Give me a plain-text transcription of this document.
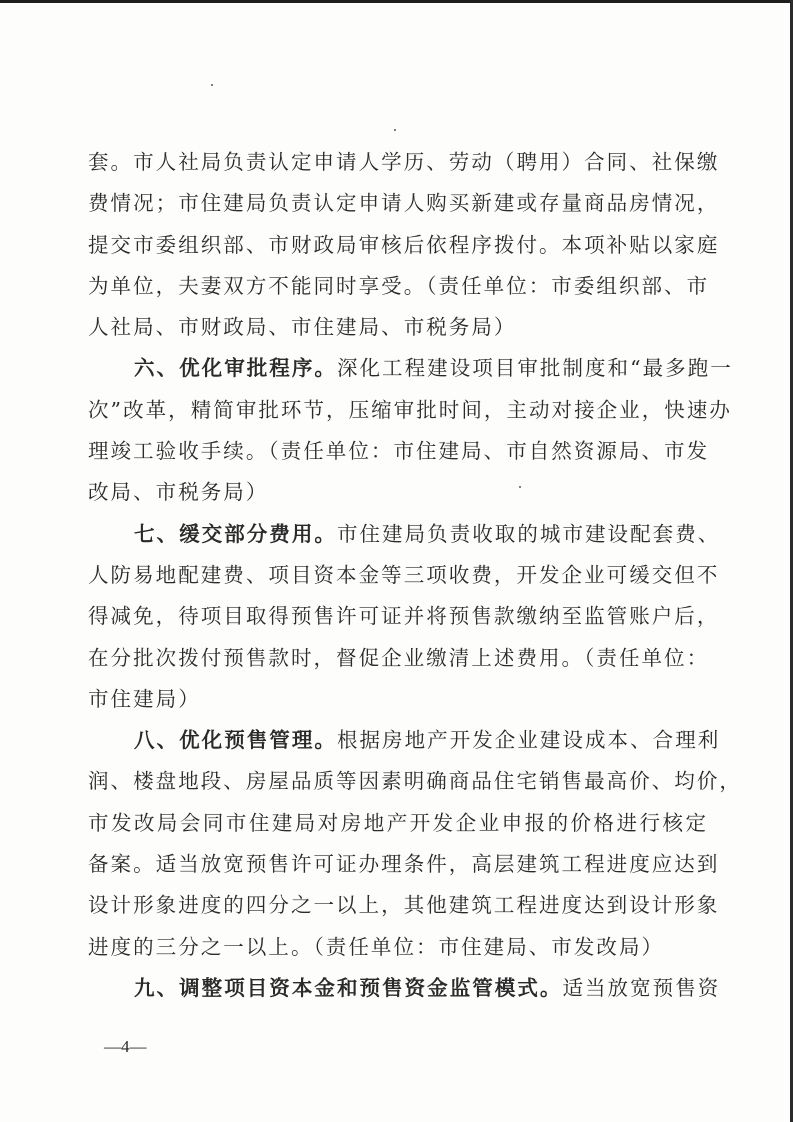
套。市人社局负责认定申请人学历、劳动（聘用）合同、社保缴
费情况；市住建局负责认定申请人购买新建或存量商品房情况，
提交市委组织部、市财政局审核后依程序拨付。本项补贴以家庭
为单位，夫妻双方不能同时享受。（责任单位：市委组织部、市
人社局、市财政局、市住建局、市税务局）
六、优化审批程序。深化工程建设项目审批制度和“最多跑一
次”改革，精简审批环节，压缩审批时间，主动对接企业，快速办
理竣工验收手续。（责任单位：市住建局、市自然资源局、市发
改局、市税务局）
七、缓交部分费用。市住建局负责收取的城市建设配套费、
人防易地配建费、项目资本金等三项收费，开发企业可缓交但不
得减免，待项目取得预售许可证并将预售款缴纳至监管账户后，
在分批次拨付预售款时，督促企业缴清上述费用。（责任单位：
市住建局）
八、优化预售管理。根据房地产开发企业建设成本、合理利
润、楼盘地段、房屋品质等因素明确商品住宅销售最高价、均价，
市发改局会同市住建局对房地产开发企业申报的价格进行核定
备案。适当放宽预售许可证办理条件，高层建筑工程进度应达到
设计形象进度的四分之一以上，其他建筑工程进度达到设计形象
进度的三分之一以上。（责任单位：市住建局、市发改局）
九、调整项目资本金和预售资金监管模式。适当放宽预售资
—4—
